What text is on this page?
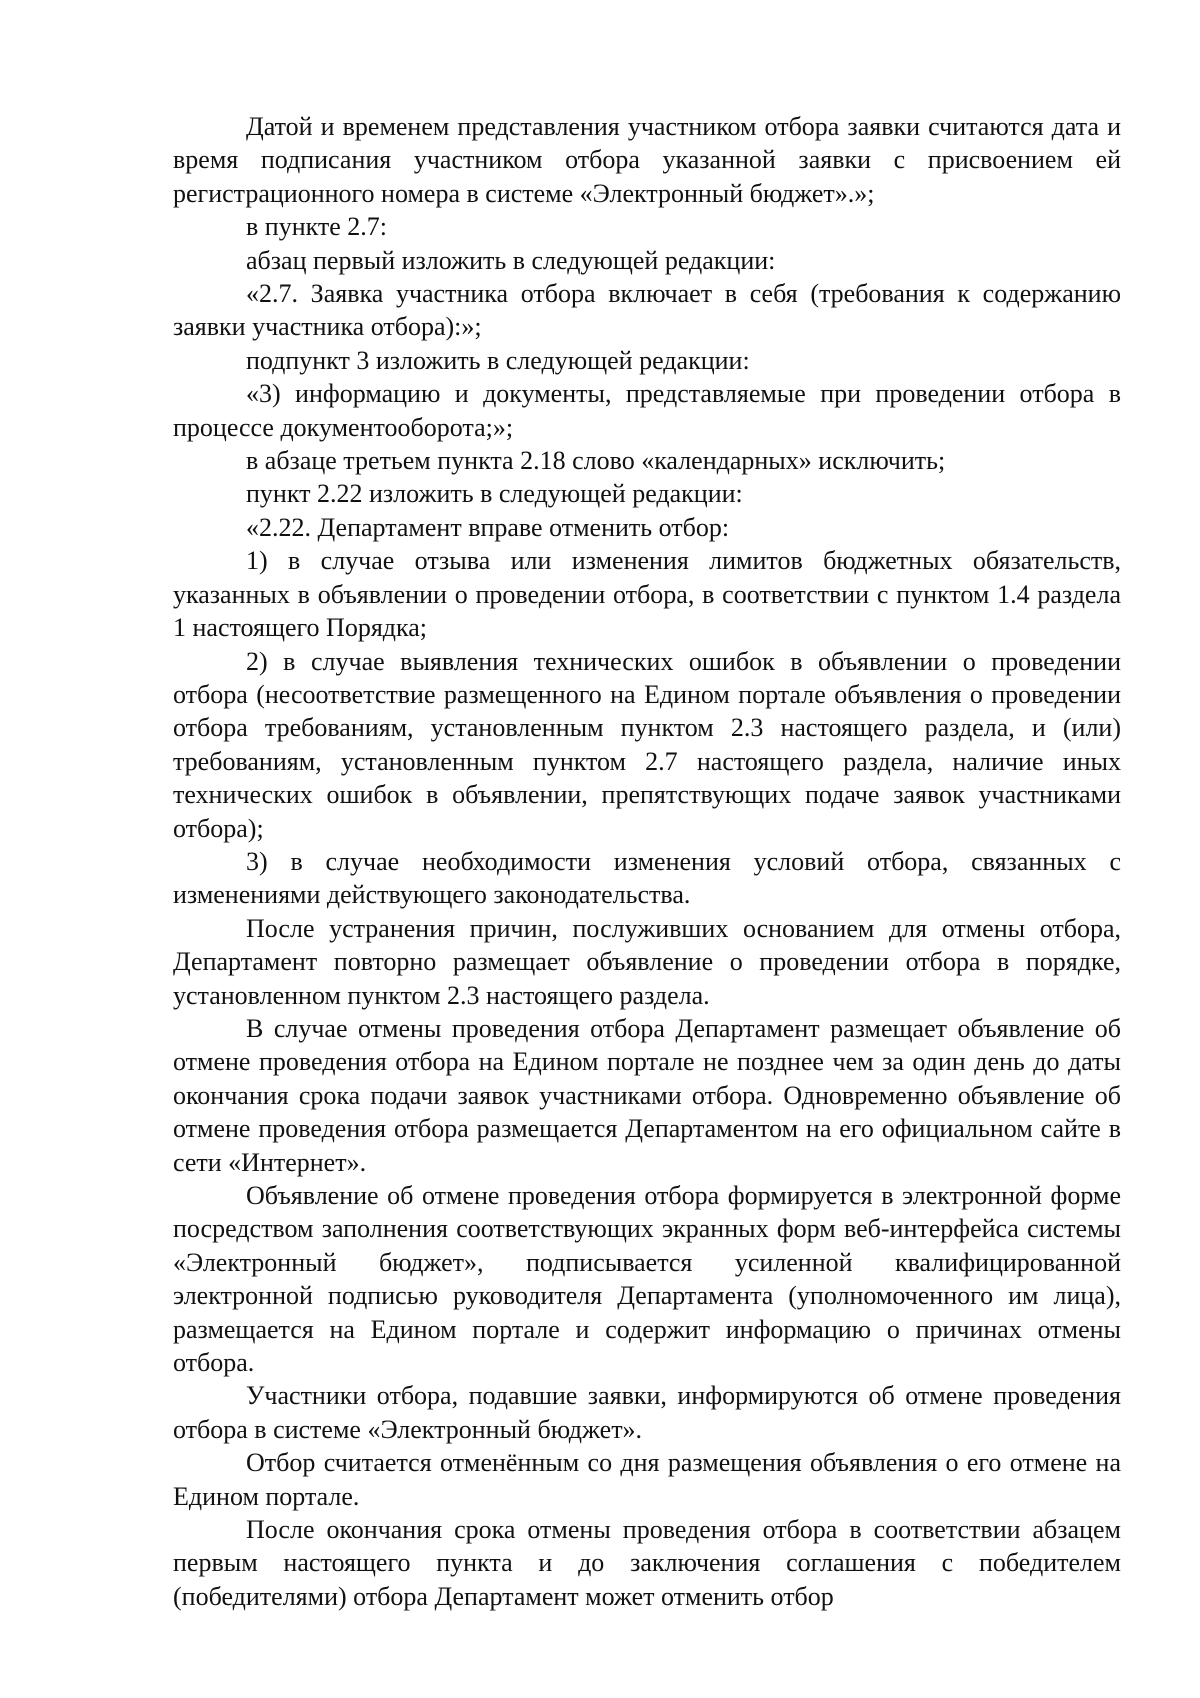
Датой и временем представления участником отбора заявки считаются дата и время подписания участником отбора указанной заявки с присвоением ей регистрационного номера в системе «Электронный бюджет».»;

в пункте 2.7:

абзац первый изложить в следующей редакции:

«2.7. Заявка участника отбора включает в себя (требования к содержанию заявки участника отбора):»;

подпункт 3 изложить в следующей редакции:

«3) информацию и документы, представляемые при проведении отбора в процессе документооборота;»;

в абзаце третьем пункта 2.18 слово «календарных» исключить;

пункт 2.22 изложить в следующей редакции:

«2.22. Департамент вправе отменить отбор:

1) в случае отзыва или изменения лимитов бюджетных обязательств, указанных в объявлении о проведении отбора, в соответствии с пунктом 1.4 раздела 1 настоящего Порядка;

2) в случае выявления технических ошибок в объявлении о проведении отбора (несоответствие размещенного на Едином портале объявления о проведении отбора требованиям, установленным пунктом 2.3 настоящего раздела, и (или) требованиям, установленным пунктом 2.7 настоящего раздела, наличие иных технических ошибок в объявлении, препятствующих подаче заявок участниками отбора);

3) в случае необходимости изменения условий отбора, связанных с изменениями действующего законодательства.

После устранения причин, послуживших основанием для отмены отбора, Департамент повторно размещает объявление о проведении отбора в порядке, установленном пунктом 2.3 настоящего раздела.

В случае отмены проведения отбора Департамент размещает объявление об отмене проведения отбора на Едином портале не позднее чем за один день до даты окончания срока подачи заявок участниками отбора. Одновременно объявление об отмене проведения отбора размещается Департаментом на его официальном сайте в сети «Интернет».

Объявление об отмене проведения отбора формируется в электронной форме посредством заполнения соответствующих экранных форм веб-интерфейса системы «Электронный бюджет», подписывается усиленной квалифицированной электронной подписью руководителя Департамента (уполномоченного им лица), размещается на Едином портале и содержит информацию о причинах отмены отбора.

Участники отбора, подавшие заявки, информируются об отмене проведения отбора в системе «Электронный бюджет».

Отбор считается отменённым со дня размещения объявления о его отмене на Едином портале.

После окончания срока отмены проведения отбора в соответствии абзацем первым настоящего пункта и до заключения соглашения с победителем (победителями) отбора Департамент может отменить отбор
